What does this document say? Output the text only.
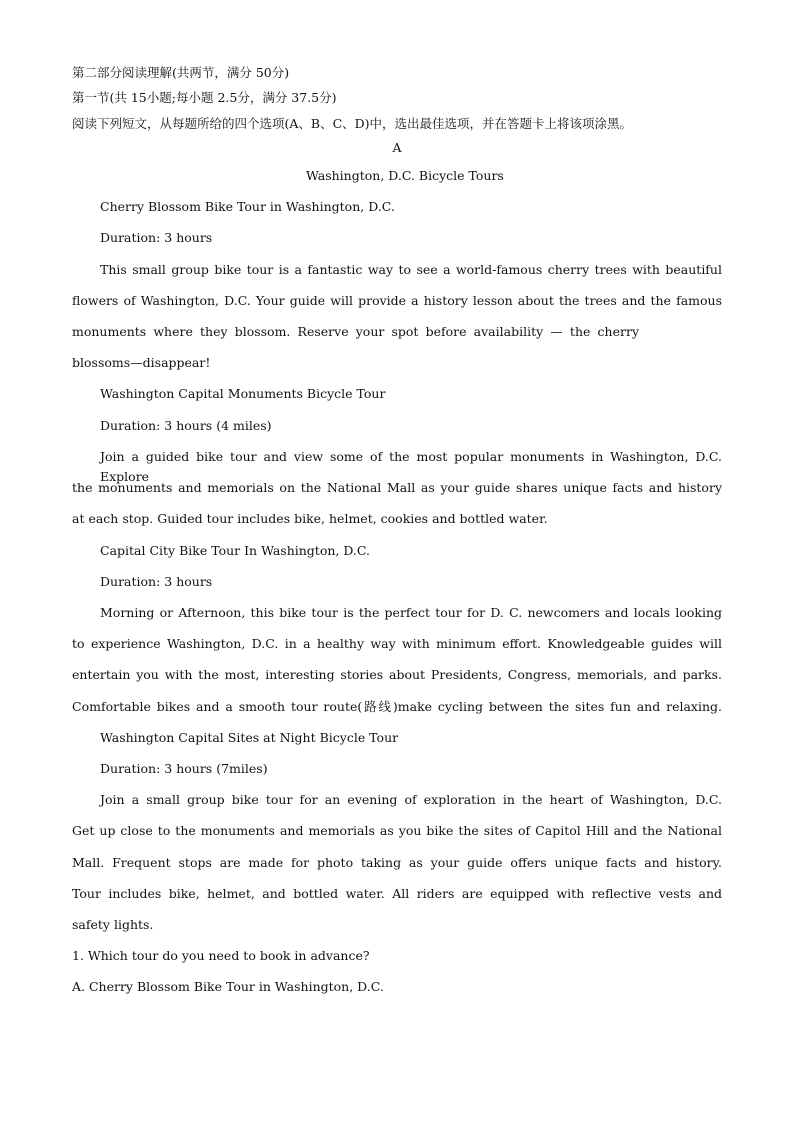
第二部分阅读理解(共两节，满分 50分)
第一节(共 15小题;每小题 2.5分，满分 37.5分)
阅读下列短文，从每题所给的四个选项(A、B、C、D)中，选出最佳选项，并在答题卡上将该项涂黑。
A
Washington, D.C. Bicycle Tours
Cherry Blossom Bike Tour in Washington, D.C.
Duration: 3 hours
This small group bike tour is a fantastic way to see a world-famous cherry trees with beautiful
flowers of Washington, D.C. Your guide will provide a history lesson about the trees and the famous
monuments where they blossom. Reserve your spot before availability — the cherry
blossoms—disappear!
Washington Capital Monuments Bicycle Tour
Duration: 3 hours (4 miles)
Join a guided bike tour and view some of the most popular monuments in Washington, D.C. Explore
the monuments and memorials on the National Mall as your guide shares unique facts and history
at each stop. Guided tour includes bike, helmet, cookies and bottled water.
Capital City Bike Tour In Washington, D.C.
Duration: 3 hours
Morning or Afternoon, this bike tour is the perfect tour for D. C. newcomers and locals looking
to experience Washington, D.C. in a healthy way with minimum effort. Knowledgeable guides will
entertain you with the most, interesting stories about Presidents, Congress, memorials, and parks.
Comfortable bikes and a smooth tour route(路线)make cycling between the sites fun and relaxing.
Washington Capital Sites at Night Bicycle Tour
Duration: 3 hours (7miles)
Join a small group bike tour for an evening of exploration in the heart of Washington, D.C.
Get up close to the monuments and memorials as you bike the sites of Capitol Hill and the National
Mall. Frequent stops are made for photo taking as your guide offers unique facts and history.
Tour includes bike, helmet, and bottled water. All riders are equipped with reflective vests and
safety lights.
1. Which tour do you need to book in advance?
A. Cherry Blossom Bike Tour in Washington, D.C.
